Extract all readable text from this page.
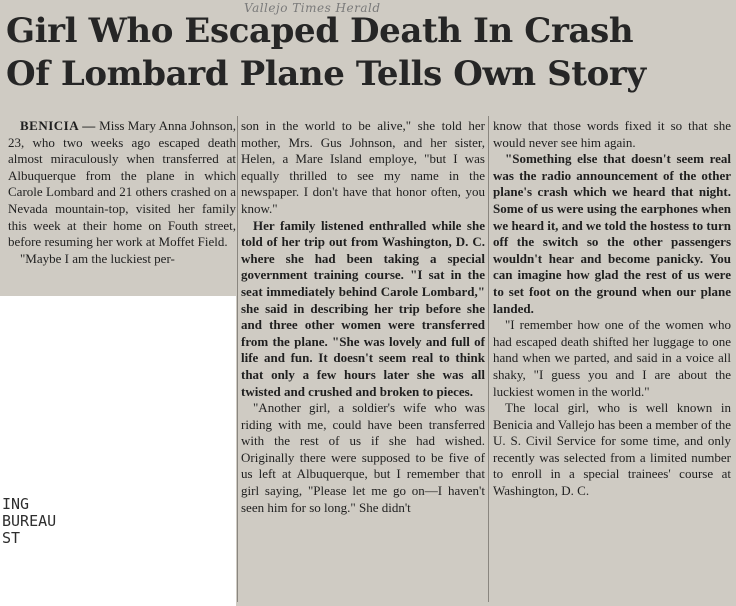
ING
BUREAU
ST
Vallejo Times Herald
Girl Who Escaped Death In Crash
Of Lombard Plane Tells Own Story

BENICIA — Miss Mary Anna Johnson, 23, who two weeks ago escaped death almost miraculously when transferred at Albuquerque from the plane in which Carole Lombard and 21 others crashed on a Nevada mountain-top, visited her family this week at their home on Fouth street, before resuming her work at Moffet Field.

"Maybe I am the luckiest per-

son in the world to be alive," she told her mother, Mrs. Gus Johnson, and her sister, Helen, a Mare Island employe, "but I was equally thrilled to see my name in the newspaper. I don't have that honor often, you know."

Her family listened enthralled while she told of her trip out from Washington, D. C. where she had been taking a special government training course. "I sat in the seat immediately behind Carole Lombard," she said in describing her trip before she and three other women were transferred from the plane. "She was lovely and full of life and fun. It doesn't seem real to think that only a few hours later she was all twisted and crushed and broken to pieces.

"Another girl, a soldier's wife who was riding with me, could have been transferred with the rest of us if she had wished. Originally there were supposed to be five of us left at Albuquerque, but I remember that girl saying, "Please let me go on—I haven't seen him for so long." She didn't

know that those words fixed it so that she would never see him again.

"Something else that doesn't seem real was the radio announcement of the other plane's crash which we heard that night. Some of us were using the earphones when we heard it, and we told the hostess to turn off the switch so the other passengers wouldn't hear and become panicky. You can imagine how glad the rest of us were to set foot on the ground when our plane landed.

"I remember how one of the women who had escaped death shifted her luggage to one hand when we parted, and said in a voice all shaky, "I guess you and I are about the luckiest women in the world."

The local girl, who is well known in Benicia and Vallejo has been a member of the U. S. Civil Service for some time, and only recently was selected from a limited number to enroll in a special trainees' course at Washington, D. C.
